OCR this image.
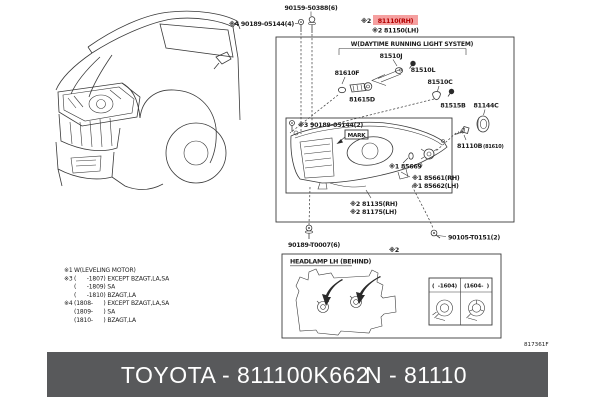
90159-50388(6)
※4 90189-05144(4)	※2 81110(RH)
※2 81150(LH)
W(DAYTIME RUNNING LIGHT SYSTEM)
81510J
81510L
81610F
81615D
81510C
81515B 81144C
※3 90189-05144(2)
MARK
※1 85669
※1 85661(RH)
※1 85662(LH)
81110B (81610)
※2 81135(RH)
※2 81175(LH)
90189-T0007(6)
90105-T0151(2)
※2
※1 W(LEVELING MOTOR)
※3 (      -1807) EXCEPT BZAGT,LA,SA
(      -1809) SA
(      -1810) BZAGT,LA
※4 (1808-      ) EXCEPT BZAGT,LA,SA
(1809-      ) SA
(1810-      ) BZAGT,LA
HEADLAMP LH (BEHIND)
(  -1604) (1604-  )
817361F
TOYOTA - 811100K662
N - 81110
